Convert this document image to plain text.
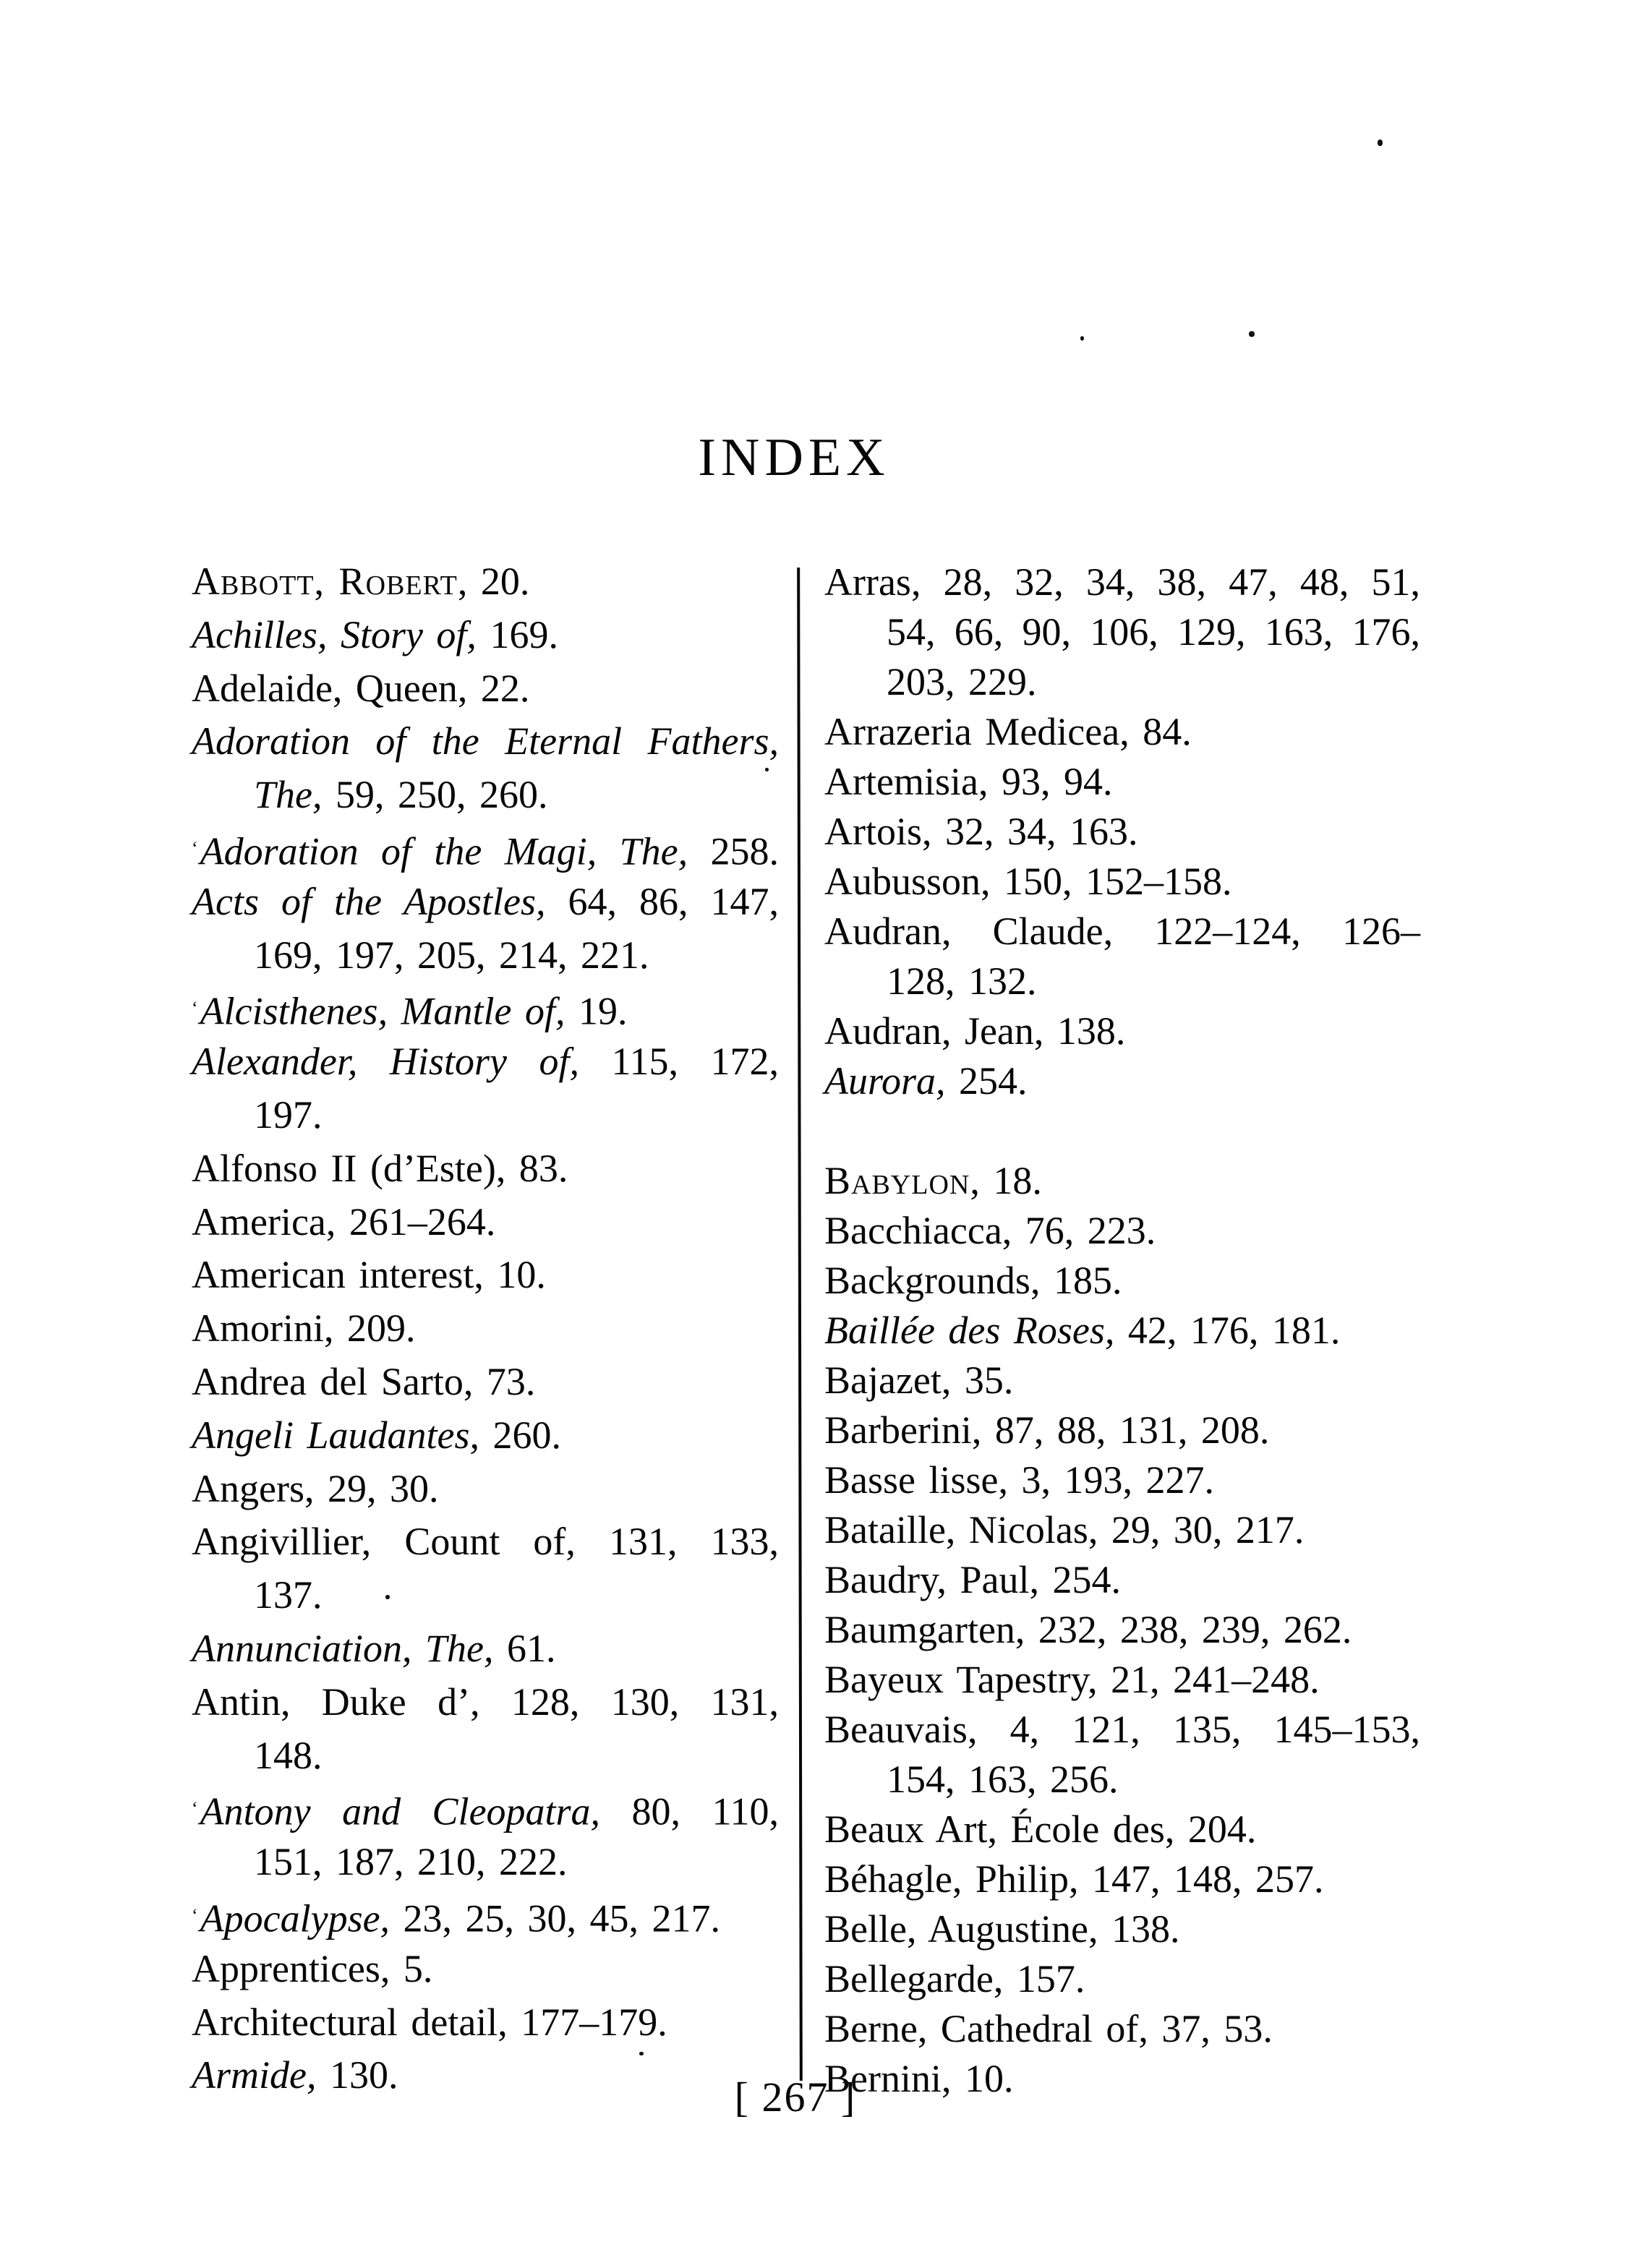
INDEX
Abbott, Robert, 20.
Achilles, Story of, 169.
Adelaide, Queen, 22.
Adoration of the Eternal Fathers,
The, 59, 250, 260.
$^ʻ$Adoration of the Magi, The, 258.
Acts of the Apostles, 64, 86, 147,
169, 197, 205, 214, 221.
$^ʻ$Alcisthenes, Mantle of, 19.
Alexander, History of, 115, 172,
197.
Alfonso II (d’Este), 83.
America, 261–264.
American interest, 10.
Amorini, 209.
Andrea del Sarto, 73.
Angeli Laudantes, 260.
Angers, 29, 30.
Angivillier, Count of, 131, 133,
137.
Annunciation, The, 61.
Antin, Duke d’, 128, 130, 131,
148.
$^ʻ$Antony and Cleopatra, 80, 110,
151, 187, 210, 222.
$^ʻ$Apocalypse, 23, 25, 30, 45, 217.
Apprentices, 5.
Architectural detail, 177–179.
Armide, 130.
Arras, 28, 32, 34, 38, 47, 48, 51,
54, 66, 90, 106, 129, 163, 176,
203, 229.
Arrazeria Medicea, 84.
Artemisia, 93, 94.
Artois, 32, 34, 163.
Aubusson, 150, 152–158.
Audran, Claude, 122–124, 126–
128, 132.
Audran, Jean, 138.
Aurora, 254.
Babylon, 18.
Bacchiacca, 76, 223.
Backgrounds, 185.
Baillée des Roses, 42, 176, 181.
Bajazet, 35.
Barberini, 87, 88, 131, 208.
Basse lisse, 3, 193, 227.
Bataille, Nicolas, 29, 30, 217.
Baudry, Paul, 254.
Baumgarten, 232, 238, 239, 262.
Bayeux Tapestry, 21, 241–248.
Beauvais, 4, 121, 135, 145–153,
154, 163, 256.
Beaux Art, École des, 204.
Béhagle, Philip, 147, 148, 257.
Belle, Augustine, 138.
Bellegarde, 157.
Berne, Cathedral of, 37, 53.
Bernini, 10.
[ 267 ]
